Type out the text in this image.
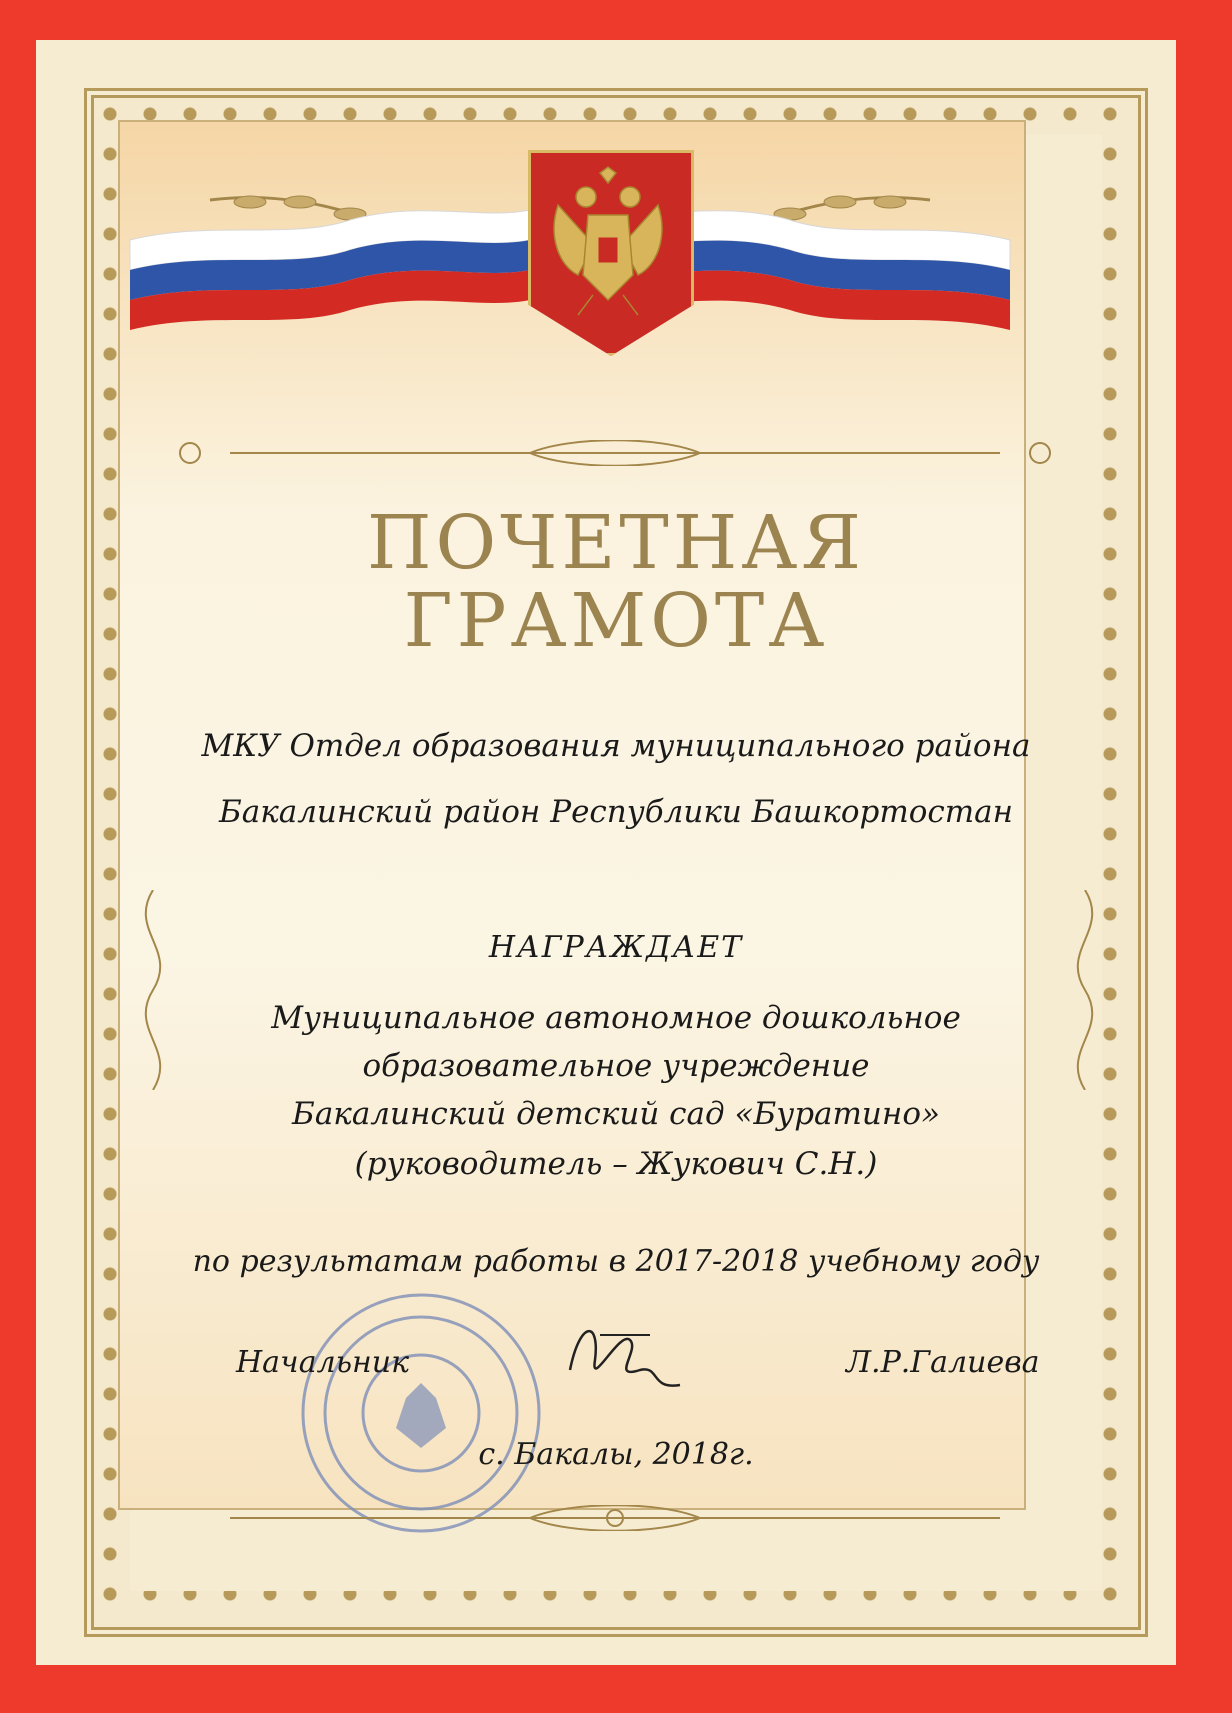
ПОЧЕТНАЯ
ГРАМОТА
МКУ Отдел образования муниципального района
Бакалинский район Республики Башкортостан
НАГРАЖДАЕТ
Муниципальное автономное дошкольное
образовательное учреждение
Бакалинский детский сад «Буратино»
(руководитель – Жукович С.Н.)
по результатам работы в 2017-2018 учебному году
Начальник	Л.Р.Галиева
с. Бакалы, 2018г.
